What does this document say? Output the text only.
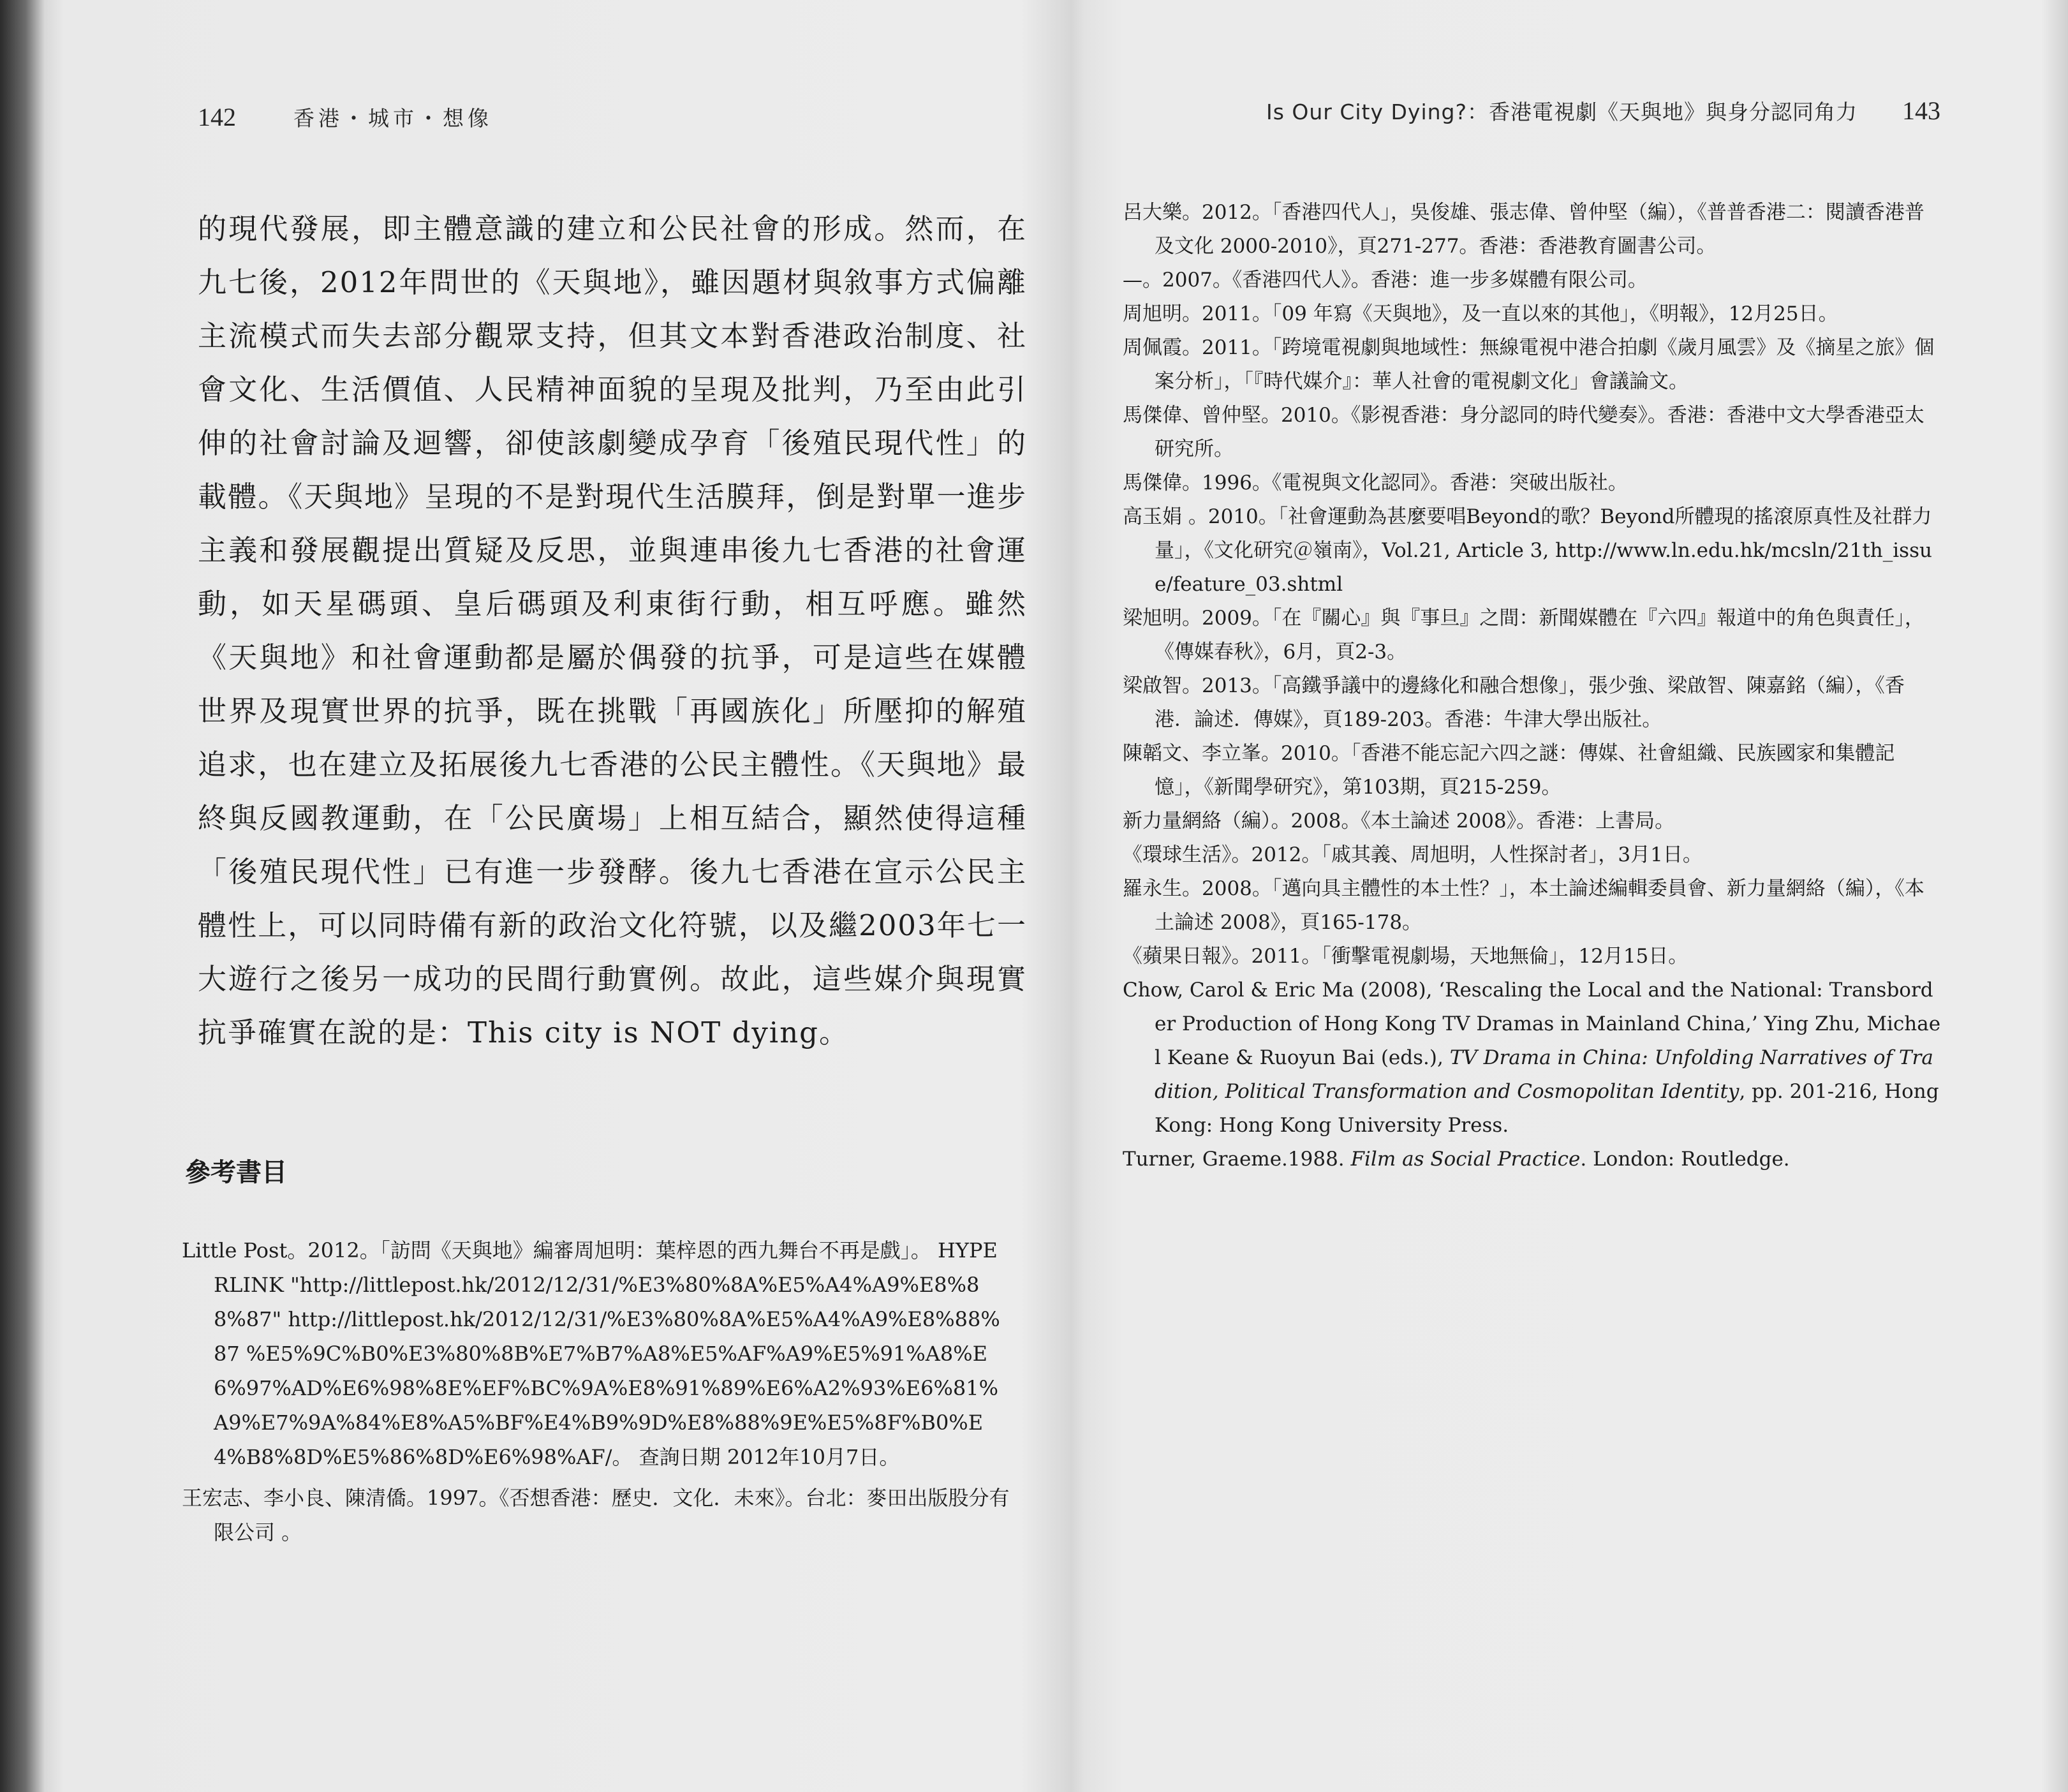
142	香港・城市・想像

的現代發展，即主體意識的建立和公民社會的形成。然而，在九七後，2012年問世的《天與地》，雖因題材與敘事方式偏離主流模式而失去部分觀眾支持，但其文本對香港政治制度、社會文化、生活價值、人民精神面貌的呈現及批判，乃至由此引伸的社會討論及迴響，卻使該劇變成孕育「後殖民現代性」的載體。《天與地》呈現的不是對現代生活膜拜，倒是對單一進步主義和發展觀提出質疑及反思，並與連串後九七香港的社會運動，如天星碼頭、皇后碼頭及利東街行動，相互呼應。雖然《天與地》和社會運動都是屬於偶發的抗爭，可是這些在媒體世界及現實世界的抗爭，既在挑戰「再國族化」所壓抑的解殖追求，也在建立及拓展後九七香港的公民主體性。《天與地》最終與反國教運動，在「公民廣場」上相互結合，顯然使得這種「後殖民現代性」已有進一步發酵。後九七香港在宣示公民主體性上，可以同時備有新的政治文化符號，以及繼2003年七一大遊行之後另一成功的民間行動實例。故此，這些媒介與現實抗爭確實在說的是：This city is NOT dying。

參考書目
Little Post。2012。「訪問《天與地》編審周旭明：葉梓恩的西九舞台不再是戲」。 HYPERLINK "http://littlepost.hk/2012/12/31/%E3%80%8A%E5%A4%A9%E8%88%87" http://littlepost.hk/2012/12/31/%E3%80%8A%E5%A4%A9%E8%88%87 %E5%9C%B0%E3%80%8B%E7%B7%A8%E5%AF%A9%E5%91%A8%E6%97%AD%E6%98%8E%EF%BC%9A%E8%91%89%E6%A2%93%E6%81%A9%E7%9A%84%E8%A5%BF%E4%B9%9D%E8%88%9E%E5%8F%B0%E4%B8%8D%E5%86%8D%E6%98%AF/。 查詢日期 2012年10月7日。
王宏志、李小良、陳清僑。1997。《否想香港：歷史．文化．未來》。台北：麥田出版股分有限公司 。
Is Our City Dying?：香港電視劇《天與地》與身分認同角力 143
呂大樂。2012。「香港四代人」，吳俊雄、張志偉、曾仲堅（編），《普普香港二：閱讀香港普及文化 2000-2010》，頁271-277。香港：香港教育圖書公司。
—。2007。《香港四代人》。香港：進一步多媒體有限公司。
周旭明。2011。「09 年寫《天與地》，及一直以來的其他」，《明報》，12月25日。
周佩霞。2011。「跨境電視劇與地域性：無線電視中港合拍劇《歲月風雲》及《摘星之旅》個案分析」，「『時代媒介』：華人社會的電視劇文化」會議論文。
馬傑偉、曾仲堅。2010。《影視香港：身分認同的時代變奏》。香港：香港中文大學香港亞太研究所。
馬傑偉。1996。《電視與文化認同》。香港：突破出版社。
高玉娟 。2010。「社會運動為甚麼要唱Beyond的歌？Beyond所體現的搖滾原真性及社群力量」，《文化研究＠嶺南》，Vol.21, Article 3, http://www.ln.edu.hk/mcsln/21th_issue/feature_03.shtml
梁旭明。2009。「在『關心』與『事旦』之間：新聞媒體在『六四』報道中的角色與責任」，《傳媒春秋》，6月，頁2-3。
梁啟智。2013。「高鐵爭議中的邊緣化和融合想像」，張少強、梁啟智、陳嘉銘（編），《香港．論述．傳媒》，頁189-203。香港：牛津大學出版社。
陳韜文、李立峯。2010。「香港不能忘記六四之謎：傳媒、社會組織、民族國家和集體記憶」，《新聞學研究》，第103期，頁215-259。
新力量網絡（編）。2008。《本土論述 2008》。香港：上書局。
《環球生活》。2012。「戚其義、周旭明，人性探討者」，3月1日。
羅永生。2008。「邁向具主體性的本土性？」，本土論述編輯委員會、新力量網絡（編），《本土論述 2008》，頁165-178。
《蘋果日報》。2011。「衝擊電視劇場，天地無倫」，12月15日。
Chow, Carol & Eric Ma (2008), ‘Rescaling the Local and the National: Transborder Production of Hong Kong TV Dramas in Mainland China,’ Ying Zhu, Michael Keane & Ruoyun Bai (eds.), TV Drama in China: Unfolding Narratives of Tradition, Political Transformation and Cosmopolitan Identity, pp. 201-216, Hong Kong: Hong Kong University Press.
Turner, Graeme.1988. Film as Social Practice. London: Routledge.
